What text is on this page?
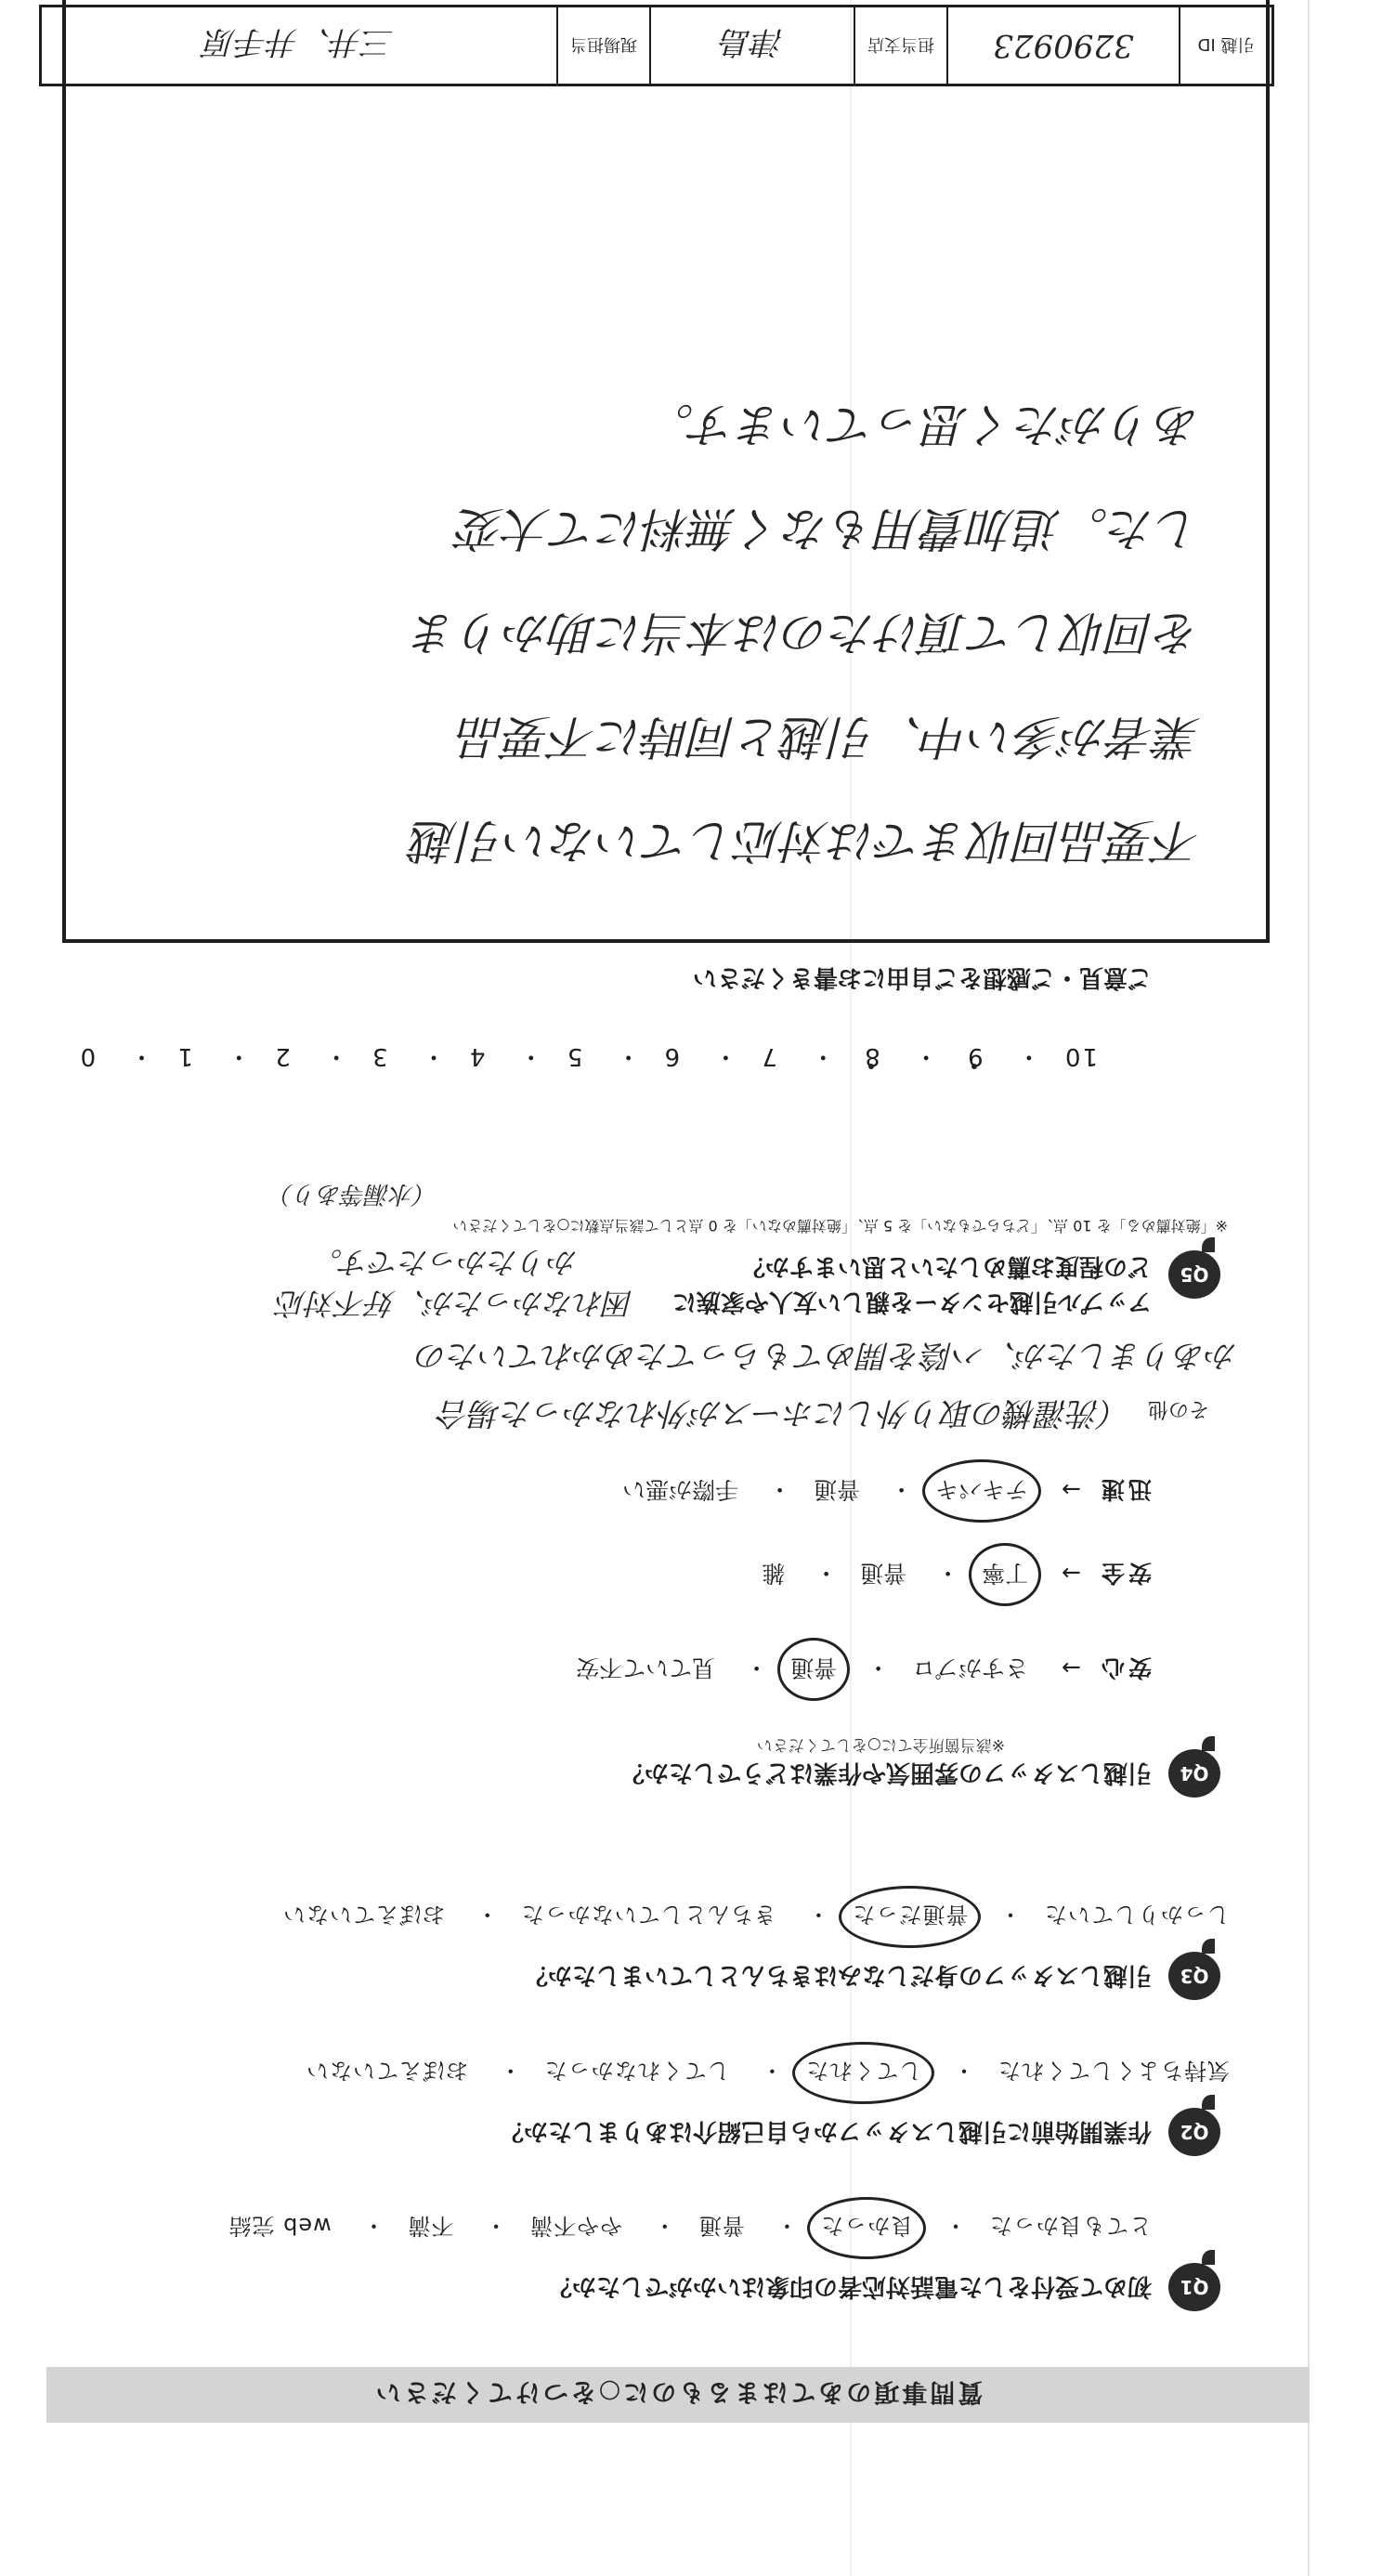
質問事項のあてはまるものに○をつけてください
Q1
初めて受付をした電話対応者の印象はいかがでしたか？
とても良かった・ 良かった
・ 普通・ やや不満・ 不満・ web 完結
Q2
作業開始前に引越しスタッフから自己紹介はありましたか？
気持ちよくしてくれた・ してくれた
・ してくれなかった・ おぼえていない
Q3
引越しスタッフの身だしなみはきちんとしていましたか？
しっかりしていた・ 普通だった
・ きちんとしていなかった・ おぼえていない
Q4
引越しスタッフの雰囲気や作業はどうでしたか？
※該当箇所全てに○をしてください
安心→ さすがプロ・ 普通
・ 見ていて不安
安全→ 丁寧
・ 普通・ 雑
迅速→ テキパキ
・ 普通・ 手際が悪い
その他 （洗濯機の取り外しにホースが外れなかった場合
かありましたが、ハ陰を開めてもらってためかれていたの
Q5
アップル引越センターを親しい友人や家族に
どの程度お薦めしたいと思いますか？
困れなかったが、好不対応
かりたかったです。
※「絶対薦める」を 10 点、「どちらでもない」を 5 点、「絶対薦めない」を 0 点として該当点数に○をしてください
（水漏等あり）
10・ 9・ 8・ 7・ 6・ 5・ 4・ 3・ 2・ 1・ 0
ご意見・ご感想をご自由にお書きください
不要品回収までは対応していない引越
業者が多い中、引越と同時に不要品
を回収して頂けたのは本当に助かりま
した。追加費用もなく無料にて大変
ありがたく思っています。
引越 ID
3290923
担当支店
津島
現場担当
三井、井手原
